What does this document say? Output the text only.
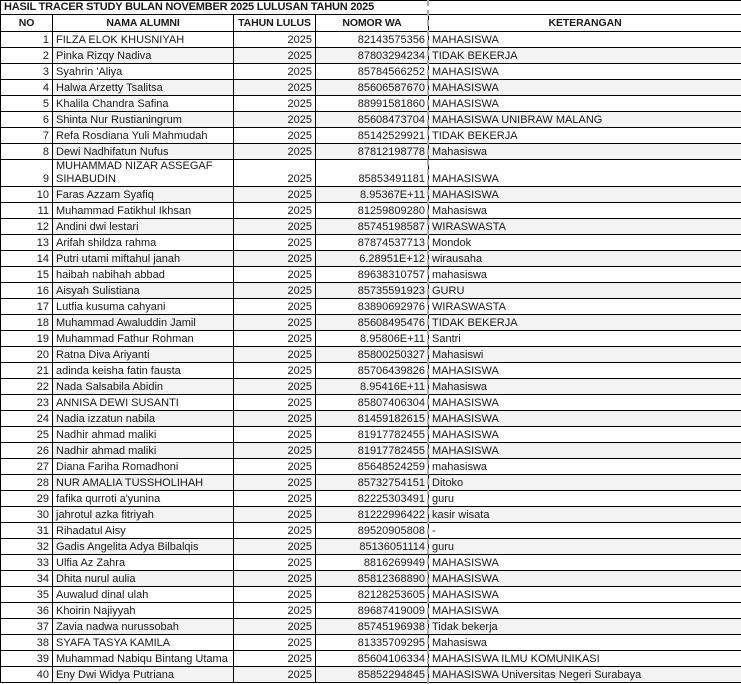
HASIL TRACER STUDY BULAN NOVEMBER 2025 LULUSAN TAHUN 2025				
NO	NAMA ALUMNI	TAHUN LULUS	NOMOR WA	KETERANGAN
1	FILZA ELOK KHUSNIYAH	2025	82143575356	MAHASISWA
2	Pinka Rizqy Nadiva	2025	87803294234	TIDAK BEKERJA
3	Syahrin 'Aliya	2025	85784566252	MAHASISWA
4	Halwa Arzetty Tsalitsa	2025	85606587670	MAHASISWA
5	Khalila Chandra Safina	2025	88991581860	MAHASISWA
6	Shinta Nur Rustianingrum	2025	85608473704	MAHASISWA UNIBRAW MALANG
7	Refa Rosdiana Yuli Mahmudah	2025	85142529921	TIDAK BEKERJA
8	Dewi Nadhifatun Nufus	2025	87812198778	Mahasiswa
9	MUHAMMAD NIZAR ASSEGAF SIHABUDIN	2025	85853491181	MAHASISWA
10	Faras Azzam Syafiq	2025	8.95367E+11	MAHASISWA
11	Muhammad Fatikhul Ikhsan	2025	81259809280	Mahasiswa
12	Andini dwi lestari	2025	85745198587	WIRASWASTA
13	Arifah shildza rahma	2025	87874537713	Mondok
14	Putri utami miftahul janah	2025	6.28951E+12	wirausaha
15	haibah nabihah abbad	2025	89638310757	mahasiswa
16	Aisyah Sulistiana	2025	85735591923	GURU
17	Lutfia kusuma cahyani	2025	83890692976	WIRASWASTA
18	Muhammad Awaluddin Jamil	2025	85608495476	TIDAK BEKERJA
19	Muhammad Fathur Rohman	2025	8.95806E+11	Santri
20	Ratna Diva Ariyanti	2025	85800250327	Mahasiswi
21	adinda keisha fatin fausta	2025	85706439826	MAHASISWA
22	Nada Salsabila Abidin	2025	8.95416E+11	Mahasiswa
23	ANNISA DEWI SUSANTI	2025	85807406304	MAHASISWA
24	Nadia izzatun nabila	2025	81459182615	MAHASISWA
25	Nadhir ahmad maliki	2025	81917782455	MAHASISWA
26	Nadhir ahmad maliki	2025	81917782455	MAHASISWA
27	Diana Fariha Romadhoni	2025	85648524259	mahasiswa
28	NUR AMALIA TUSSHOLIHAH	2025	85732754151	Ditoko
29	fafika qurroti a'yunina	2025	82225303491	guru
30	jahrotul azka fitriyah	2025	81222996422	kasir wisata
31	Rihadatul Aisy	2025	89520905808	-
32	Gadis Angelita Adya Bilbalqis	2025	85136051114	guru
33	Ulfia Az Zahra	2025	8816269949	MAHASISWA
34	Dhita nurul aulia	2025	85812368890	MAHASISWA
35	Auwalud dinal ulah	2025	82128253605	MAHASISWA
36	Khoirin Najiyyah	2025	89687419009	MAHASISWA
37	Zavia nadwa nurussobah	2025	85745196938	Tidak bekerja
38	SYAFA TASYA KAMILA	2025	81335709295	Mahasiswa
39	Muhammad Nabiqu Bintang Utama	2025	85604106334	MAHASISWA ILMU KOMUNIKASI
40	Eny Dwi Widya Putriana	2025	85852294845	MAHASISWA Universitas Negeri Surabaya
